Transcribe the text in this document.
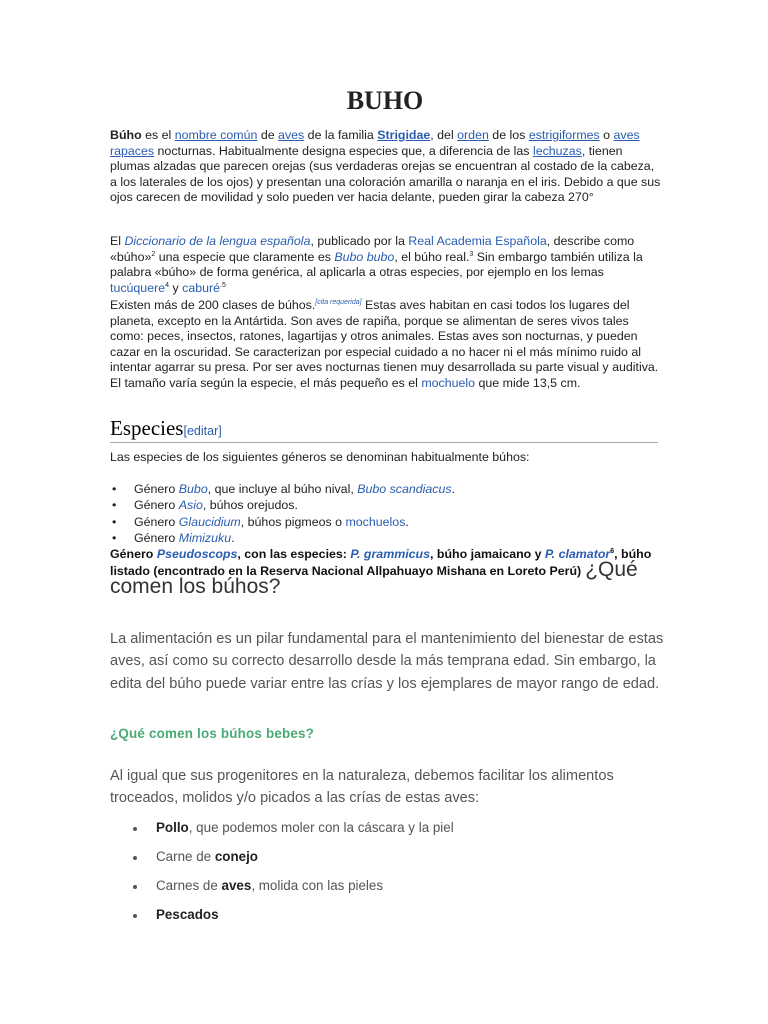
BUHO

Búho es el nombre común de aves de la familia Strigidae, del orden de los estrigiformes o aves rapaces nocturnas. Habitualmente designa especies que, a diferencia de las lechuzas, tienen plumas alzadas que parecen orejas (sus verdaderas orejas se encuentran al costado de la cabeza, a los laterales de los ojos) y presentan una coloración amarilla o naranja en el iris. Debido a que sus ojos carecen de movilidad y solo pueden ver hacia delante, pueden girar la cabeza 270°

El Diccionario de la lengua española, publicado por la Real Academia Española, describe como «búho»$^2$ una especie que claramente es Bubo bubo, el búho real.$^3$ Sin embargo también utiliza la palabra «búho» de forma genérica, al aplicarla a otras especies, por ejemplo en los lemas tucúquere$^4$ y caburé$^{.5}$

Existen más de 200 clases de búhos.[cita requerida] Estas aves habitan en casi todos los lugares del planeta, excepto en la Antártida. Son aves de rapiña, porque se alimentan de seres vivos tales como: peces, insectos, ratones, lagartijas y otros animales. Estas aves son nocturnas, y pueden cazar en la oscuridad. Se caracterizan por especial cuidado a no hacer ni el más mínimo ruido al intentar agarrar su presa. Por ser aves nocturnas tienen muy desarrollada su parte visual y auditiva. El tamaño varía según la especie, el más pequeño es el mochuelo que mide 13,5 cm.

Especies[editar]

Las especies de los siguientes géneros se denominan habitualmente búhos:

• Género Bubo, que incluye al búho nival, Bubo scandiacus.
• Género Asio, búhos orejudos.
• Género Glaucidium, búhos pigmeos o mochuelos.
• Género Mimizuku.
Género Pseudoscops, con las especies: P. grammicus, búho jamaicano y P. clamator$^6$, búho listado (encontrado en la Reserva Nacional Allpahuayo Mishana en Loreto Perú) ¿Qué comen los búhos?

La alimentación es un pilar fundamental para el mantenimiento del bienestar de estas aves, así como su correcto desarrollo desde la más temprana edad. Sin embargo, la edita del búho puede variar entre las crías y los ejemplares de mayor rango de edad.

¿Qué comen los búhos bebes?

Al igual que sus progenitores en la naturaleza, debemos facilitar los alimentos troceados, molidos y/o picados a las crías de estas aves:

Pollo, que podemos moler con la cáscara y la piel
Carne de conejo
Carnes de aves, molida con las pieles
Pescados
